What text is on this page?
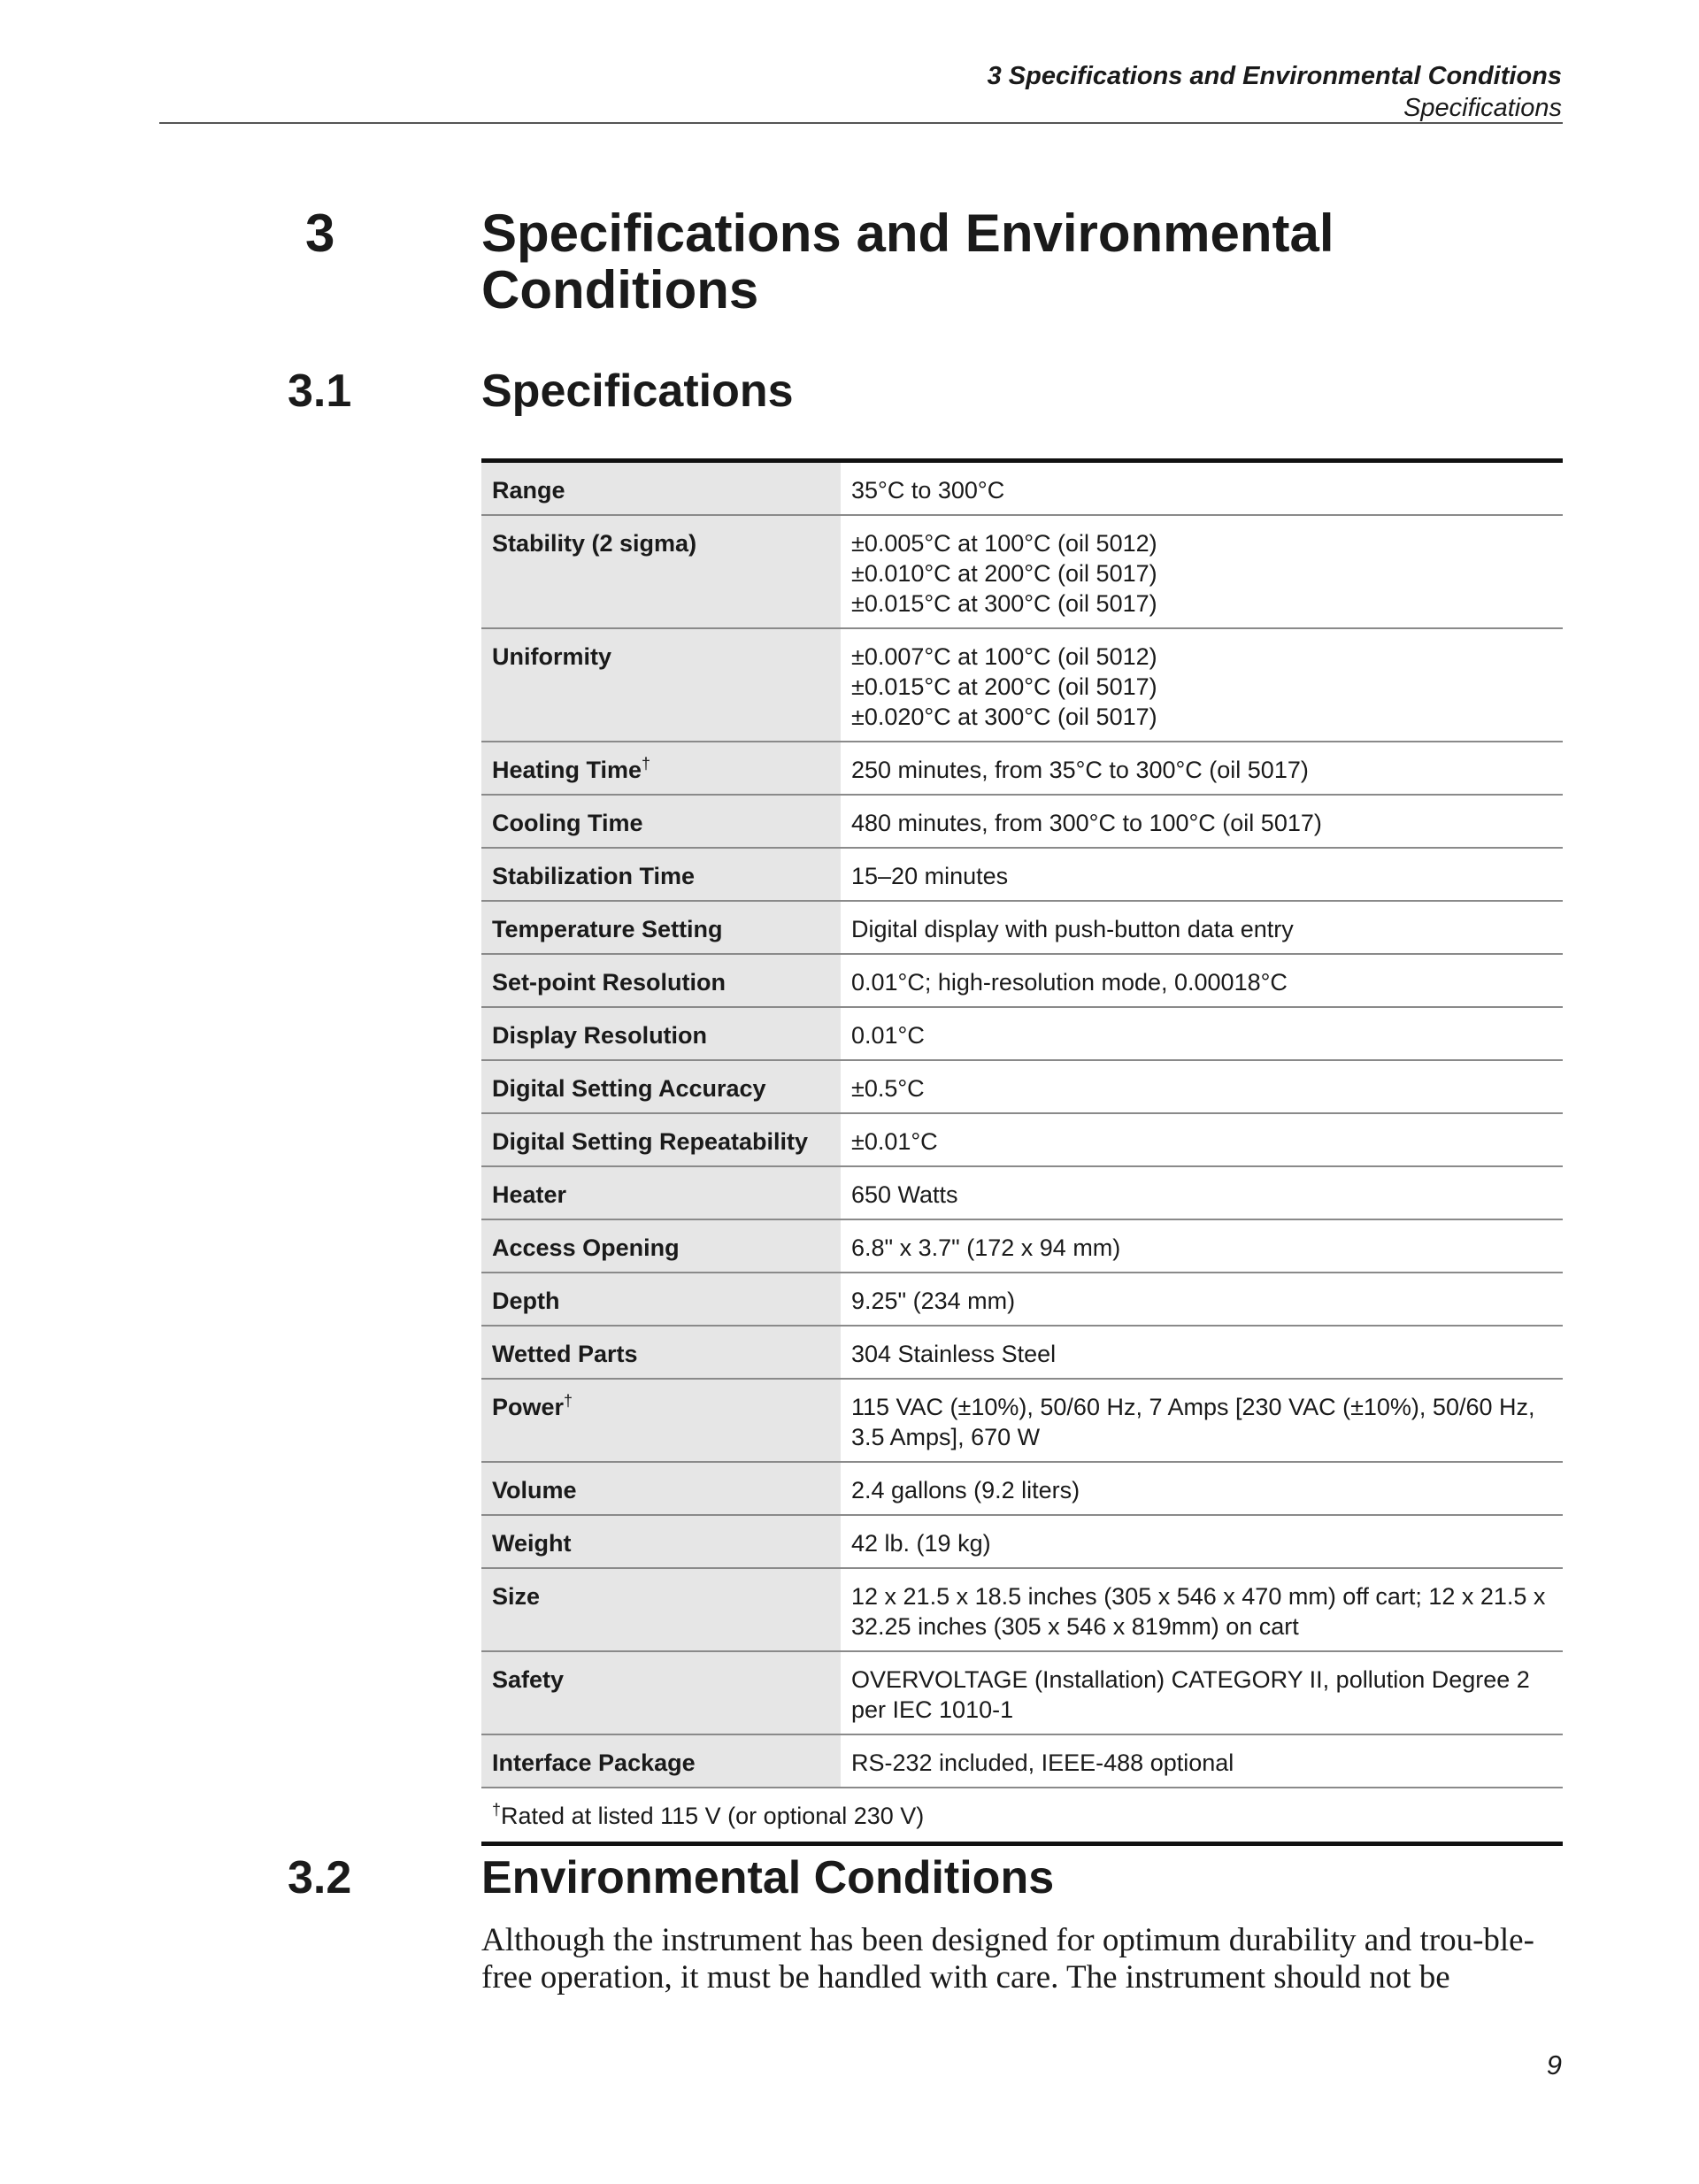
3 Specifications and Environmental Conditions
Specifications
3	Specifications and Environmental Conditions
3.1	Specifications
Range	35°C to 300°C

Stability (2 sigma)	±0.005°C at 100°C (oil 5012)
±0.010°C at 200°C (oil 5017)
±0.015°C at 300°C (oil 5017)

Uniformity	±0.007°C at 100°C (oil 5012)
±0.015°C at 200°C (oil 5017)
±0.020°C at 300°C (oil 5017)

Heating Time†	250 minutes, from 35°C to 300°C (oil 5017)

Cooling Time	480 minutes, from 300°C to 100°C (oil 5017)

Stabilization Time	15–20 minutes

Temperature Setting	Digital display with push-button data entry

Set-point Resolution	0.01°C; high-resolution mode, 0.00018°C

Display Resolution	0.01°C

Digital Setting Accuracy	±0.5°C

Digital Setting Repeatability	±0.01°C

Heater	650 Watts

Access Opening	6.8" x 3.7" (172 x 94 mm)

Depth	9.25" (234 mm)

Wetted Parts	304 Stainless Steel

Power†	115 VAC (±10%), 50/60 Hz, 7 Amps [230 VAC (±10%), 50/60 Hz, 3.5 Amps], 670 W

Volume	2.4 gallons (9.2 liters)

Weight	42 lb. (19 kg)

Size	12 x 21.5 x 18.5 inches (305 x 546 x 470 mm) off cart; 12 x 21.5 x 32.25 inches (305 x 546 x 819mm) on cart

Safety	OVERVOLTAGE (Installation) CATEGORY II, pollution Degree 2 per IEC 1010-1

Interface Package	RS-232 included, IEEE-488 optional

†Rated at listed 115 V (or optional 230 V)	
3.2	Environmental Conditions
Although the instrument has been designed for optimum durability and trou-ble-free operation, it must be handled with care. The instrument should not be
9
